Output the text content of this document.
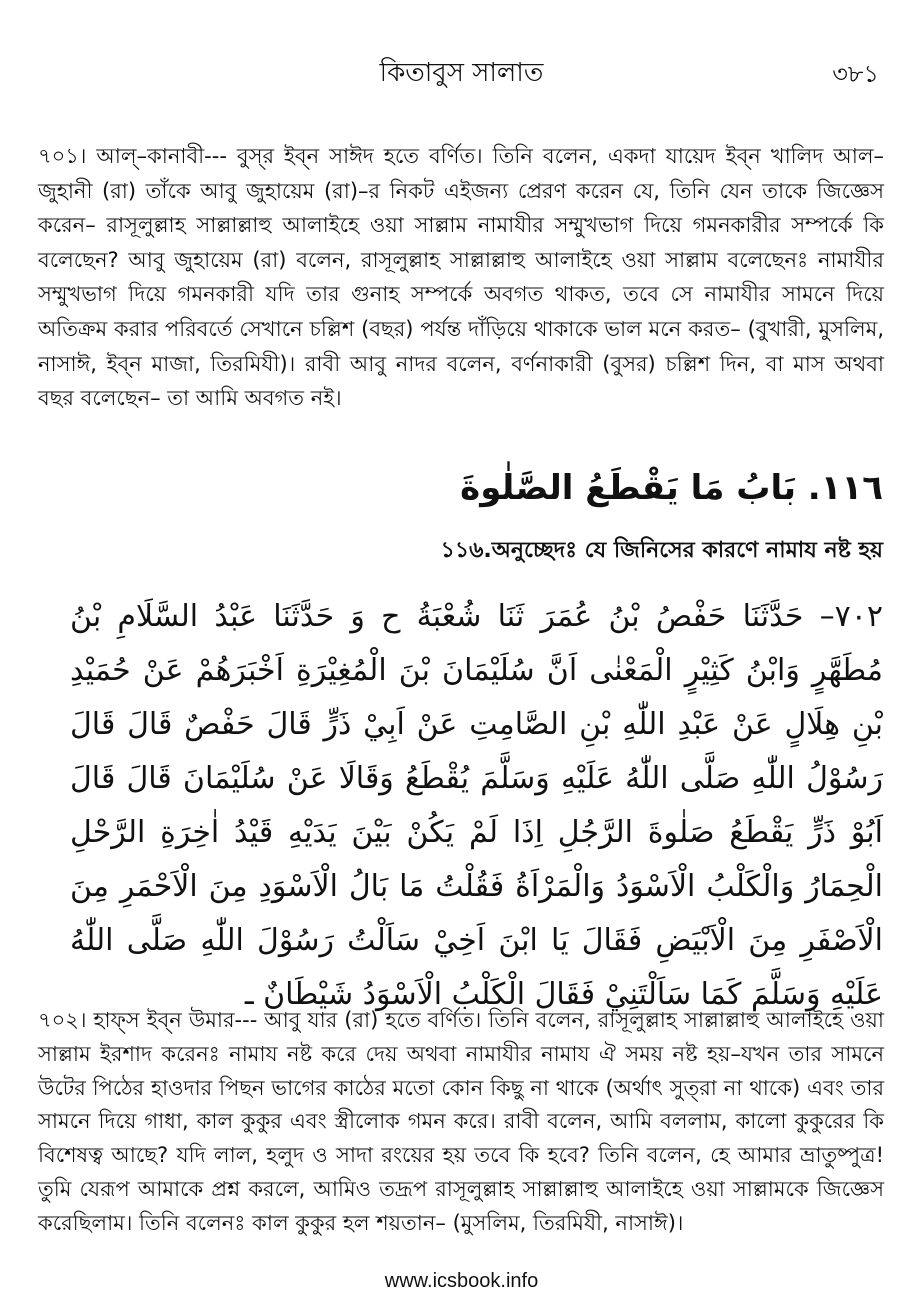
কিতাবুস সালাত	৩৮১

৭০১। আল্‌–কানাবী--- বুস্‌র ইব্‌ন সাঈদ হতে বর্ণিত। তিনি বলেন, একদা যায়েদ ইব্‌ন খালিদ আল–জুহানী (রা) তাঁকে আবু জুহায়েম (রা)–র নিকট এইজন্য প্রেরণ করেন যে, তিনি যেন তাকে জিজ্ঞেস করেন– রাসূলুল্লাহ সাল্লাল্লাহু আলাইহে ওয়া সাল্লাম নামাযীর সম্মুখভাগ দিয়ে গমনকারীর সম্পর্কে কি বলেছেন? আবু জুহায়েম (রা) বলেন, রাসূলুল্লাহ সাল্লাল্লাহু আলাইহে ওয়া সাল্লাম বলেছেনঃ নামাযীর সম্মুখভাগ দিয়ে গমনকারী যদি তার গুনাহ সম্পর্কে অবগত থাকত, তবে সে নামাযীর সামনে দিয়ে অতিক্রম করার পরিবর্তে সেখানে চল্লিশ (বছর) পর্যন্ত দাঁড়িয়ে থাকাকে ভাল মনে করত– (বুখারী, মুসলিম, নাসাঈ, ইব্‌ন মাজা, তিরমিযী)। রাবী আবু নাদর বলেন, বর্ণনাকারী (বুসর) চল্লিশ দিন, বা মাস অথবা বছর বলেছেন– তা আমি অবগত নই।

١١٦. بَابُ مَا يَقْطَعُ الصَّلٰوةَ
১১৬.অনুচ্ছেদঃ যে জিনিসের কারণে নামায নষ্ট হয়
٧٠٢– حَدَّثَنَا حَفْصُ بْنُ عُمَرَ ثَنَا شُعْبَةُ ح وَ حَدَّثَنَا عَبْدُ السَّلَامِ بْنُ مُطَهَّرٍ وَابْنُ كَثِيْرٍ الْمَعْنٰى اَنَّ سُلَيْمَانَ بْنَ الْمُغِيْرَةِ اَخْبَرَهُمْ عَنْ حُمَيْدِ بْنِ هِلَالٍ عَنْ عَبْدِ اللّٰهِ بْنِ الصَّامِتِ عَنْ اَبِيْ ذَرٍّ قَالَ حَفْصٌ قَالَ قَالَ رَسُوْلُ اللّٰهِ صَلَّى اللّٰهُ عَلَيْهِ وَسَلَّمَ يُقْطَعُ وَقَالَا عَنْ سُلَيْمَانَ قَالَ قَالَ اَبُوْ ذَرٍّ يَقْطَعُ صَلٰوةَ الرَّجُلِ اِذَا لَمْ يَكُنْ بَيْنَ يَدَيْهِ قَيْدُ اٰخِرَةِ الرَّحْلِ الْحِمَارُ وَالْكَلْبُ الْاَسْوَدُ وَالْمَرْاَةُ فَقُلْتُ مَا بَالُ الْاَسْوَدِ مِنَ الْاَحْمَرِ مِنَ الْاَصْفَرِ مِنَ الْاَبْيَضِ فَقَالَ يَا ابْنَ اَخِيْ سَاَلْتُ رَسُوْلَ اللّٰهِ صَلَّى اللّٰهُ عَلَيْهِ وَسَلَّمَ كَمَا سَاَلْتَنِيْ فَقَالَ الْكَلْبُ الْاَسْوَدُ شَيْطَانٌ ـ

৭০২। হাফ্‌স ইব্‌ন উমার--- আবু যার (রা) হতে বর্ণিত। তিনি বলেন, রাসূলুল্লাহ সাল্লাল্লাহু আলাইহে ওয়া সাল্লাম ইরশাদ করেনঃ নামায নষ্ট করে দেয় অথবা নামাযীর নামায ঐ সময় নষ্ট হয়–যখন তার সামনে উটের পিঠের হাওদার পিছন ভাগের কাঠের মতো কোন কিছু না থাকে (অর্থাৎ সুত্‌রা না থাকে) এবং তার সামনে দিয়ে গাধা, কাল কুকুর এবং স্ত্রীলোক গমন করে। রাবী বলেন, আমি বললাম, কালো কুকুরের কি বিশেষত্ব আছে? যদি লাল, হলুদ ও সাদা রংয়ের হয় তবে কি হবে? তিনি বলেন, হে আমার ভ্রাতুষ্পুত্র! তুমি যেরূপ আমাকে প্রশ্ন করলে, আমিও তদ্রূপ রাসূলুল্লাহ সাল্লাল্লাহু আলাইহে ওয়া সাল্লামকে জিজ্ঞেস করেছিলাম। তিনি বলেনঃ কাল কুকুর হল শয়তান– (মুসলিম, তিরমিযী, নাসাঈ)।

www.icsbook.info
